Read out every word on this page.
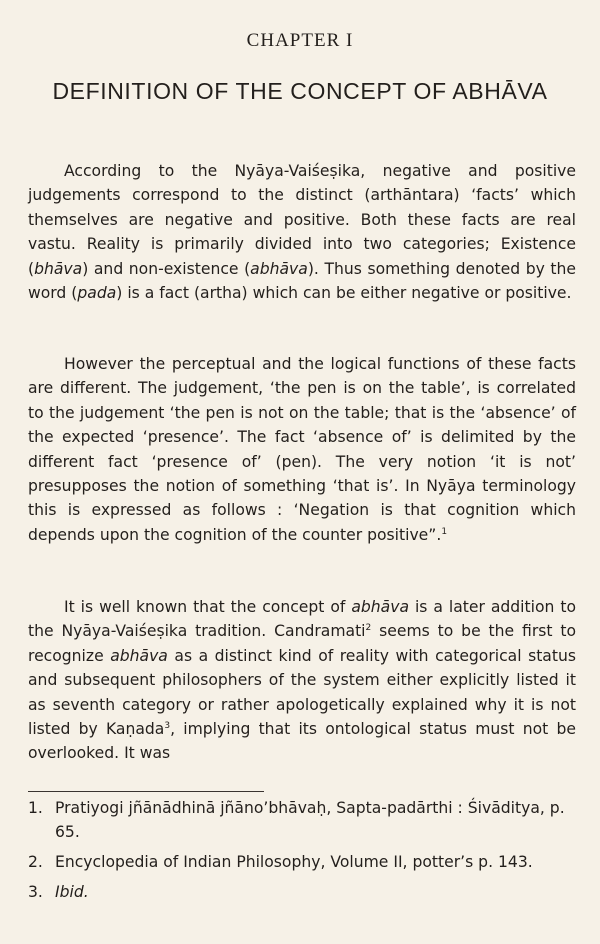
CHAPTER I
DEFINITION OF THE CONCEPT OF ABHĀVA

According to the Nyāya-Vaiśeṣika, negative and positive judgements correspond to the distinct (arthāntara) ‘facts’ which themselves are negative and positive. Both these facts are real vastu. Reality is primarily divided into two categories; Existence (bhāva) and non-existence (abhāva). Thus something denoted by the word (pada) is a fact (artha) which can be either negative or positive.

However the perceptual and the logical functions of these facts are different. The judgement, ‘the pen is on the table’, is correlated to the judgement ‘the pen is not on the table; that is the ‘absence’ of the expected ‘presence’. The fact ‘absence of’ is delimited by the different fact ‘presence of’ (pen). The very notion ‘it is not’ presupposes the notion of something ‘that is’. In Nyāya terminology this is expressed as follows : ‘Negation is that cognition which depends upon the cognition of the counter positive”.$^1$

It is well known that the concept of abhāva is a later addition to the Nyāya-Vaiśeṣika tradition. Candramati$^2$ seems to be the first to recognize abhāva as a distinct kind of reality with categorical status and subsequent philosophers of the system either explicitly listed it as seventh category or rather apologetically explained why it is not listed by Kaṇada$^3$, implying that its ontological status must not be overlooked. It was

1. Pratiyogi jñānādhinā jñāno’bhāvaḥ, Sapta-padārthi : Śivāditya, p. 65.
2. Encyclopedia of Indian Philosophy, Volume II, potter’s p. 143.
3. Ibid.
